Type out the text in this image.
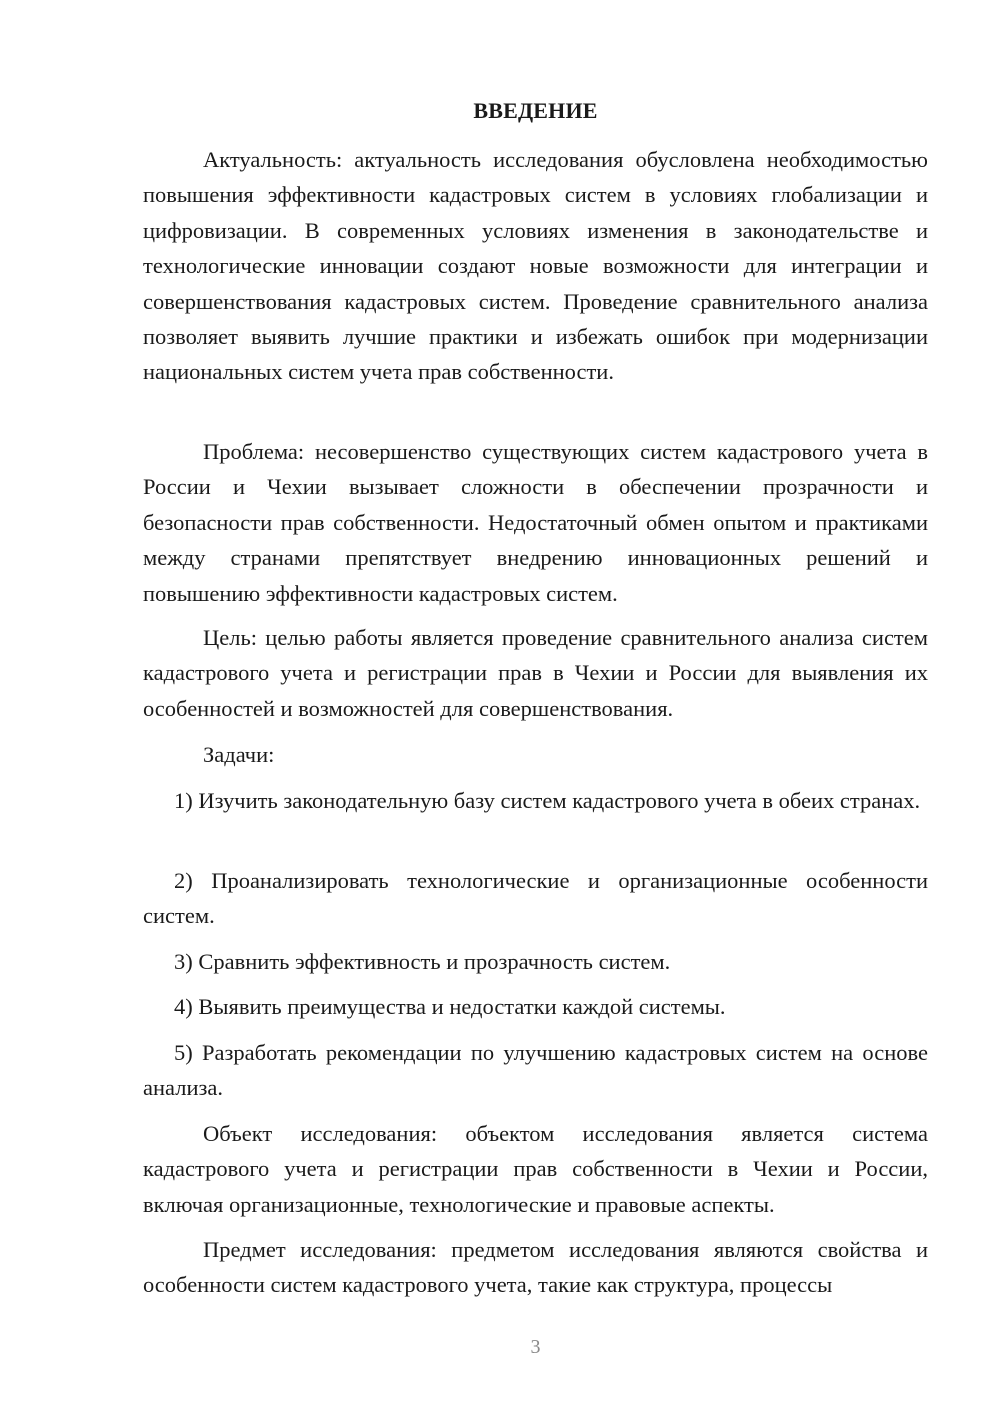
ВВЕДЕНИЕ

Актуальность: актуальность исследования обусловлена необходимостью повышения эффективности кадастровых систем в условиях глобализации и цифровизации. В современных условиях изменения в законодательстве и технологические инновации создают новые возможности для интеграции и совершенствования кадастровых систем. Проведение сравнительного анализа позволяет выявить лучшие практики и избежать ошибок при модернизации национальных систем учета прав собственности.

Проблема: несовершенство существующих систем кадастрового учета в России и Чехии вызывает сложности в обеспечении прозрачности и безопасности прав собственности. Недостаточный обмен опытом и практиками между странами препятствует внедрению инновационных решений и повышению эффективности кадастровых систем.

Цель: целью работы является проведение сравнительного анализа систем кадастрового учета и регистрации прав в Чехии и России для выявления их особенностей и возможностей для совершенствования.

Задачи:

1) Изучить законодательную базу систем кадастрового учета в обеих странах.

2) Проанализировать технологические и организационные особенности систем.

3) Сравнить эффективность и прозрачность систем.

4) Выявить преимущества и недостатки каждой системы.

5) Разработать рекомендации по улучшению кадастровых систем на основе анализа.

Объект исследования: объектом исследования является система кадастрового учета и регистрации прав собственности в Чехии и России, включая организационные, технологические и правовые аспекты.

Предмет исследования: предметом исследования являются свойства и особенности систем кадастрового учета, такие как структура, процессы

3
